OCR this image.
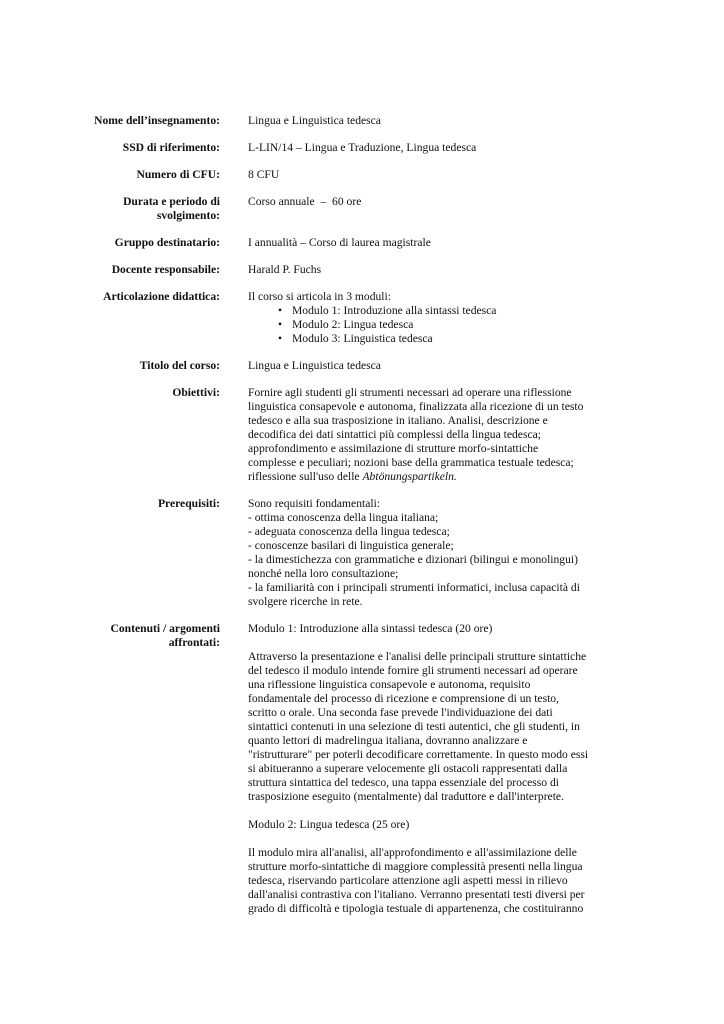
Nome dell’insegnamento: Lingua e Linguistica tedesca
SSD di riferimento: L-LIN/14 – Lingua e Traduzione, Lingua tedesca
Numero di CFU: 8 CFU
Durata e periodo di
svolgimento:
Corso annuale  –  60 ore
Gruppo destinatario: I annualità – Corso di laurea magistrale
Docente responsabile: Harald P. Fuchs
Articolazione didattica: Il corso si articola in 3 moduli:
• Modulo 1: Introduzione alla sintassi tedesca
• Modulo 2: Lingua tedesca
• Modulo 3: Linguistica tedesca
Titolo del corso: Lingua e Linguistica tedesca
Obiettivi: Fornire agli studenti gli strumenti necessari ad operare una riflessione

linguistica consapevole e autonoma, finalizzata alla ricezione di un testo

tedesco e alla sua trasposizione in italiano. Analisi, descrizione e

decodifica dei dati sintattici più complessi della lingua tedesca;

approfondimento e assimilazione di strutture morfo-sintattiche

complesse e peculiari; nozioni base della grammatica testuale tedesca;

riflessione sull'uso delle Abtönungspartikeln.

Prerequisiti: Sono requisiti fondamentali:

- ottima conoscenza della lingua italiana;

- adeguata conoscenza della lingua tedesca;

- conoscenze basilari di linguistica generale;

- la dimestichezza con grammatiche e dizionari (bilingui e monolingui)

nonché nella loro consultazione;

- la familiarità con i principali strumenti informatici, inclusa capacità di

svolgere ricerche in rete.

Contenuti / argomenti
affrontati:

Modulo 1: Introduzione alla sintassi tedesca (20 ore)

Attraverso la presentazione e l'analisi delle principali strutture sintattiche

del tedesco il modulo intende fornire gli strumenti necessari ad operare

una riflessione linguistica consapevole e autonoma, requisito

fondamentale del processo di ricezione e comprensione di un testo,

scritto o orale. Una seconda fase prevede l'individuazione dei dati

sintattici contenuti in una selezione di testi autentici, che gli studenti, in

quanto lettori di madrelingua italiana, dovranno analizzare e

"ristrutturare" per poterli decodificare correttamente. In questo modo essi

si abitueranno a superare velocemente gli ostacoli rappresentati dalla

struttura sintattica del tedesco, una tappa essenziale del processo di

trasposizione eseguito (mentalmente) dal traduttore e dall'interprete.

Modulo 2: Lingua tedesca (25 ore)

Il modulo mira all'analisi, all'approfondimento e all'assimilazione delle

strutture morfo-sintattiche di maggiore complessità presenti nella lingua

tedesca, riservando particolare attenzione agli aspetti messi in rilievo

dall'analisi contrastiva con l'italiano. Verranno presentati testi diversi per

grado di difficoltà e tipologia testuale di appartenenza, che costituiranno
